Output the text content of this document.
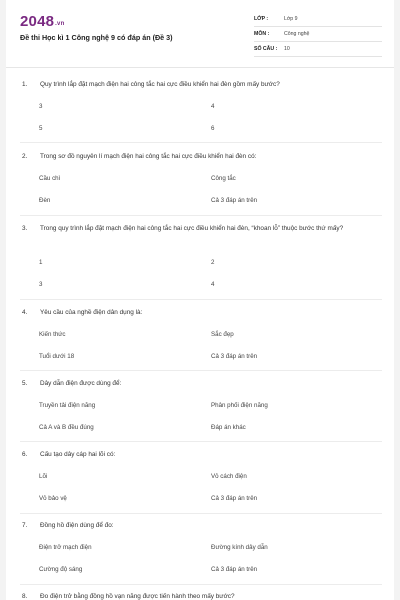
2048.vn
Đề thi Học kì 1 Công nghệ 9 có đáp án (Đề 3)
LỚP :	Lớp 9
MÔN :	Công nghệ
SỐ CÂU :	10
1.	Quy trình lắp đặt mạch điện hai công tắc hai cực điều khiển hai đèn gồm mấy bước?
3	4
5	6
2.	Trong sơ đồ nguyên lí mạch điện hai công tắc hai cực điều khiển hai đèn có:
Cầu chì	Công tắc
Đèn	Cả 3 đáp án trên
3.	Trong quy trình lắp đặt mạch điện hai công tắc hai cực điều khiển hai đèn, “khoan lỗ” thuộc bước thứ mấy?
1	2
3	4
4.	Yêu cầu của nghề điện dân dụng là:
Kiến thức	Sắc đẹp
Tuổi dưới 18	Cả 3 đáp án trên
5.	Dây dẫn điện được dùng để:
Truyền tải điện năng	Phân phối điện năng
Cả A và B đều đúng	Đáp án khác
6.	Cấu tạo dây cáp hai lõi có:
Lõi	Vỏ cách điện
Vỏ bảo vệ	Cả 3 đáp án trên
7.	Đồng hồ điện dùng để đo:
Điện trở mạch điện	Đường kính dây dẫn
Cường độ sáng	Cả 3 đáp án trên
8.	Đo điện trở bằng đồng hồ vạn năng được tiến hành theo mấy bước?
